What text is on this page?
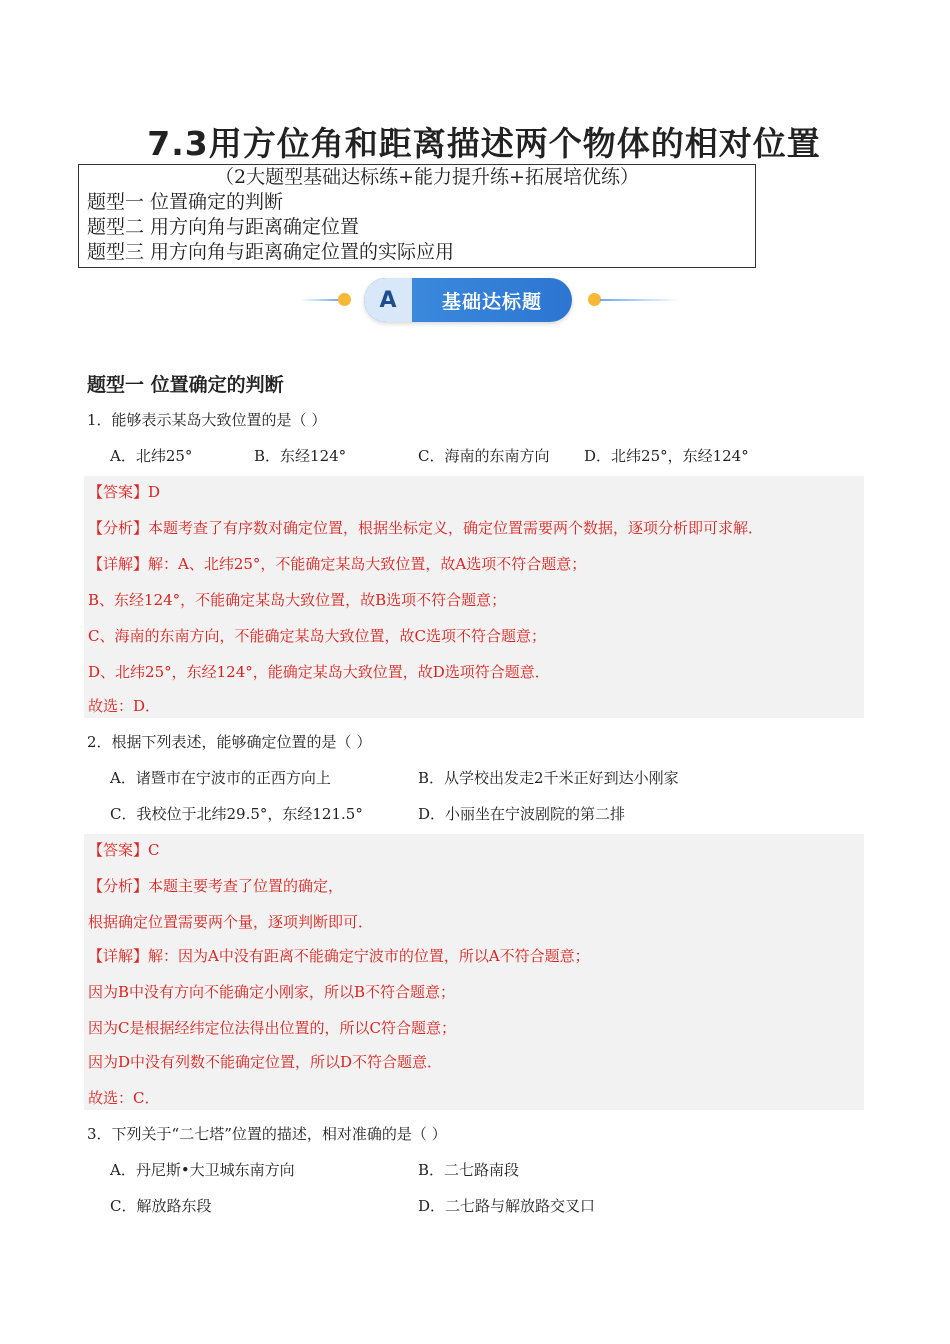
7.3用方位角和距离描述两个物体的相对位置
（2大题型基础达标练+能力提升练+拓展培优练）
题型一 位置确定的判断
题型二 用方向角与距离确定位置
题型三 用方向角与距离确定位置的实际应用
A	基础达标题
题型一 位置确定的判断
1．能够表示某岛大致位置的是（ ）
A．北纬25°	B．东经124°	C．海南的东南方向 D．北纬25°，东经124°
【答案】D
【分析】本题考查了有序数对确定位置，根据坐标定义，确定位置需要两个数据，逐项分析即可求解．
【详解】解：A、北纬25°，不能确定某岛大致位置，故A选项不符合题意；
B、东经124°，不能确定某岛大致位置，故B选项不符合题意；
C、海南的东南方向，不能确定某岛大致位置，故C选项不符合题意；
D、北纬25°，东经124°，能确定某岛大致位置，故D选项符合题意．
故选：D．
2．根据下列表述，能够确定位置的是（ ）
A．诸暨市在宁波市的正西方向上	B．从学校出发走2千米正好到达小刚家
C．我校位于北纬29.5°，东经121.5°	D．小丽坐在宁波剧院的第二排
【答案】C
【分析】本题主要考查了位置的确定，
根据确定位置需要两个量，逐项判断即可．
【详解】解：因为A中没有距离不能确定宁波市的位置，所以A不符合题意；
因为B中没有方向不能确定小刚家，所以B不符合题意；
因为C是根据经纬定位法得出位置的，所以C符合题意；
因为D中没有列数不能确定位置，所以D不符合题意．
故选：C．
3．下列关于“二七塔”位置的描述，相对准确的是（ ）
A．丹尼斯•大卫城东南方向	B．二七路南段
C．解放路东段	D．二七路与解放路交叉口
